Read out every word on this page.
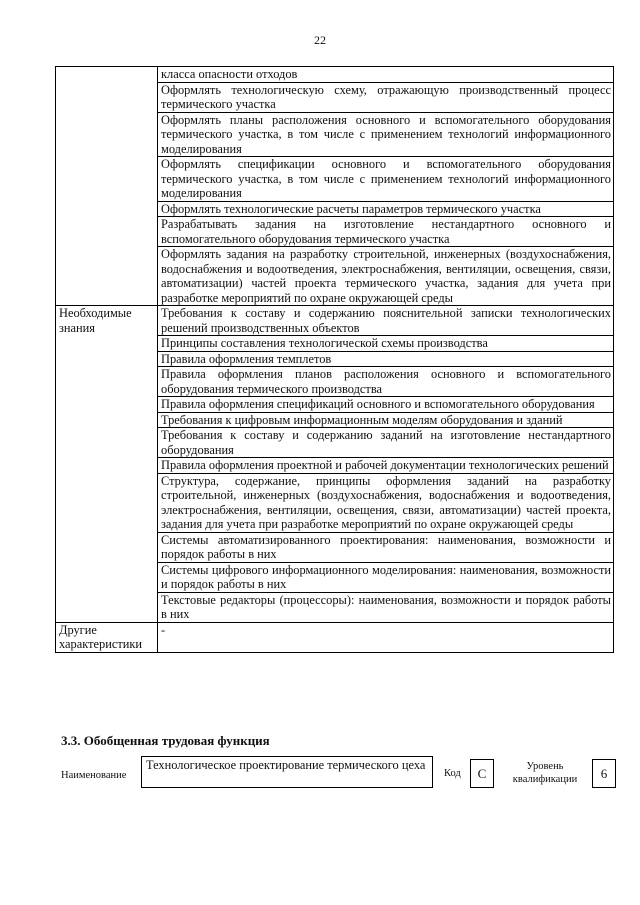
22
	класса опасности отходов
	Оформлять технологическую схему, отражающую производственный процесс термического участка
	Оформлять планы расположения основного и вспомогательного оборудования термического участка, в том числе с применением технологий информационного моделирования
	Оформлять спецификации основного и вспомогательного оборудования термического участка, в том числе с применением технологий информационного моделирования
	Оформлять технологические расчеты параметров термического участка
	Разрабатывать задания на изготовление нестандартного основного и вспомогательного оборудования термического участка
	Оформлять задания на разработку строительной, инженерных (воздухоснабжения, водоснабжения и водоотведения, электроснабжения, вентиляции, освещения, связи, автоматизации) частей проекта термического участка, задания для учета при разработке мероприятий по охране окружающей среды
Необходимые знания	Требования к составу и содержанию пояснительной записки технологических решений производственных объектов
	Принципы составления технологической схемы производства
	Правила оформления темплетов
	Правила оформления планов расположения основного и вспомогательного оборудования термического производства
	Правила оформления спецификаций основного и вспомогательного оборудования
	Требования к цифровым информационным моделям оборудования и зданий
	Требования к составу и содержанию заданий на изготовление нестандартного оборудования
	Правила оформления проектной и рабочей документации технологических решений
	Структура, содержание, принципы оформления заданий на разработку строительной, инженерных (воздухоснабжения, водоснабжения и водоотведения, электроснабжения, вентиляции, освещения, связи, автоматизации) частей проекта, задания для учета при разработке мероприятий по охране окружающей среды
	Системы автоматизированного проектирования: наименования, возможности и порядок работы в них
	Системы цифрового информационного моделирования: наименования, возможности и порядок работы в них
	Текстовые редакторы (процессоры): наименования, возможности и порядок работы в них
Другие характеристики	-
3.3. Обобщенная трудовая функция
Наименование
Технологическое проектирование термического цеха
Код	C	Уровень квалификации	6
